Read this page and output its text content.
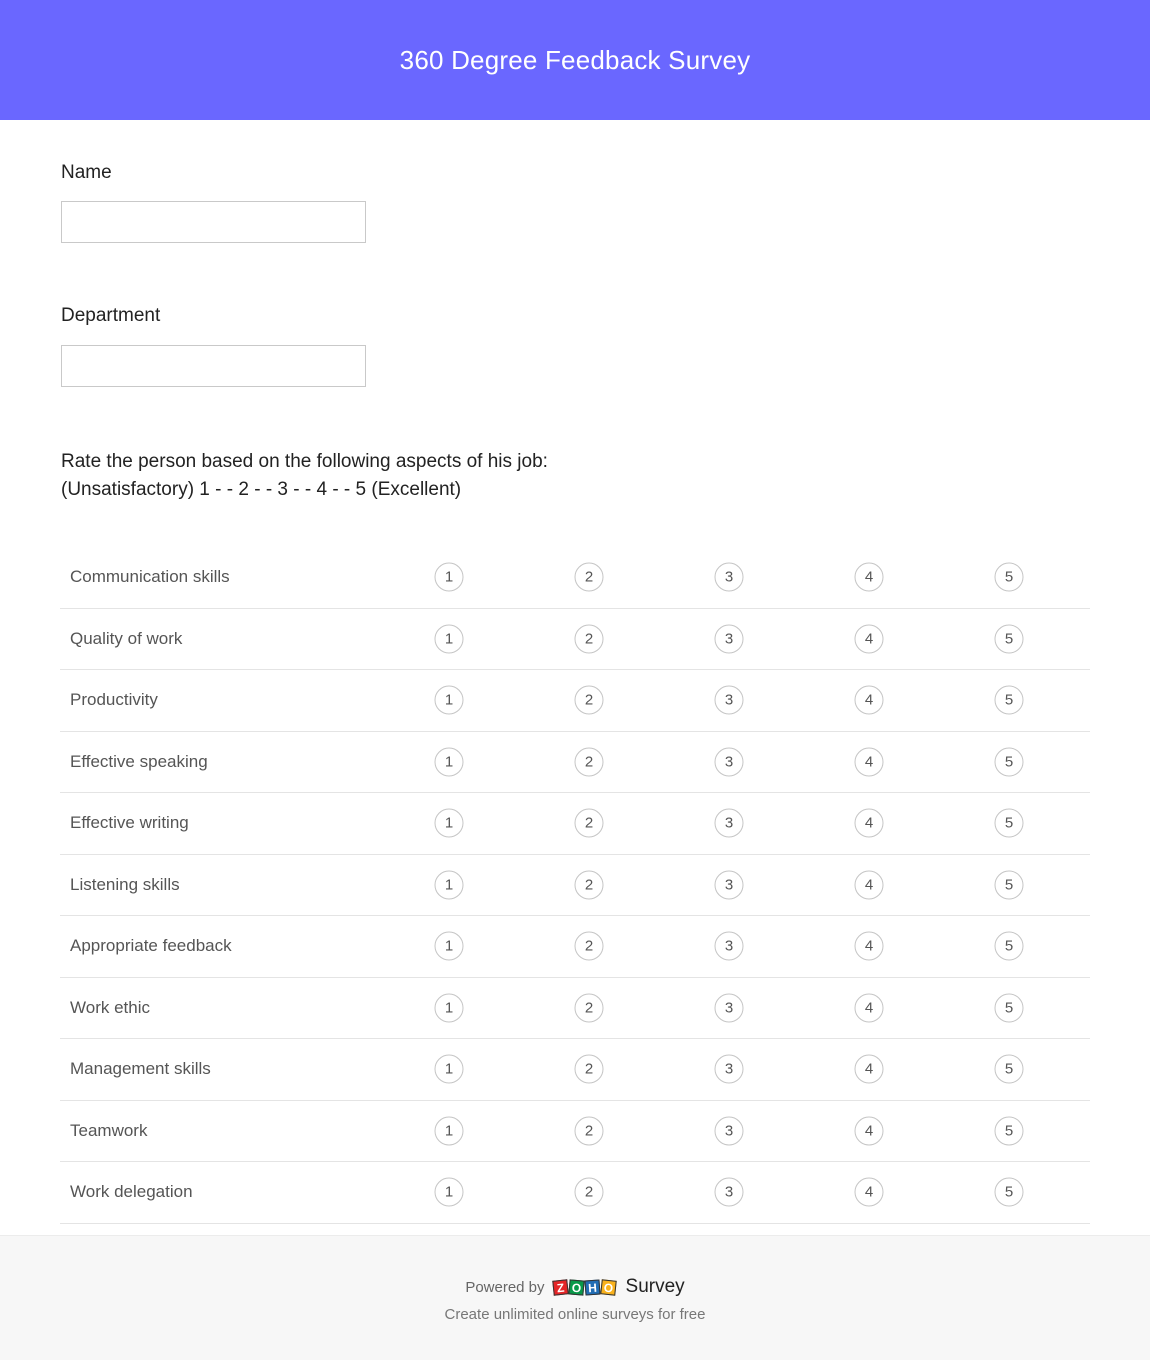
360 Degree Feedback Survey
Name
Department
Rate the person based on the following aspects of his job:
(Unsatisfactory) 1 - - 2 - - 3 - - 4 - - 5 (Excellent)
Communication skills	1	2	3	4	5
Quality of work	1	2	3	4	5
Productivity	1	2	3	4	5
Effective speaking	1	2	3	4	5
Effective writing	1	2	3	4	5
Listening skills	1	2	3	4	5
Appropriate feedback	1	2	3	4	5
Work ethic	1	2	3	4	5
Management skills	1	2	3	4	5
Teamwork	1	2	3	4	5
Work delegation	1	2	3	4	5
Powered by Z O H O Survey
Create unlimited online surveys for free
